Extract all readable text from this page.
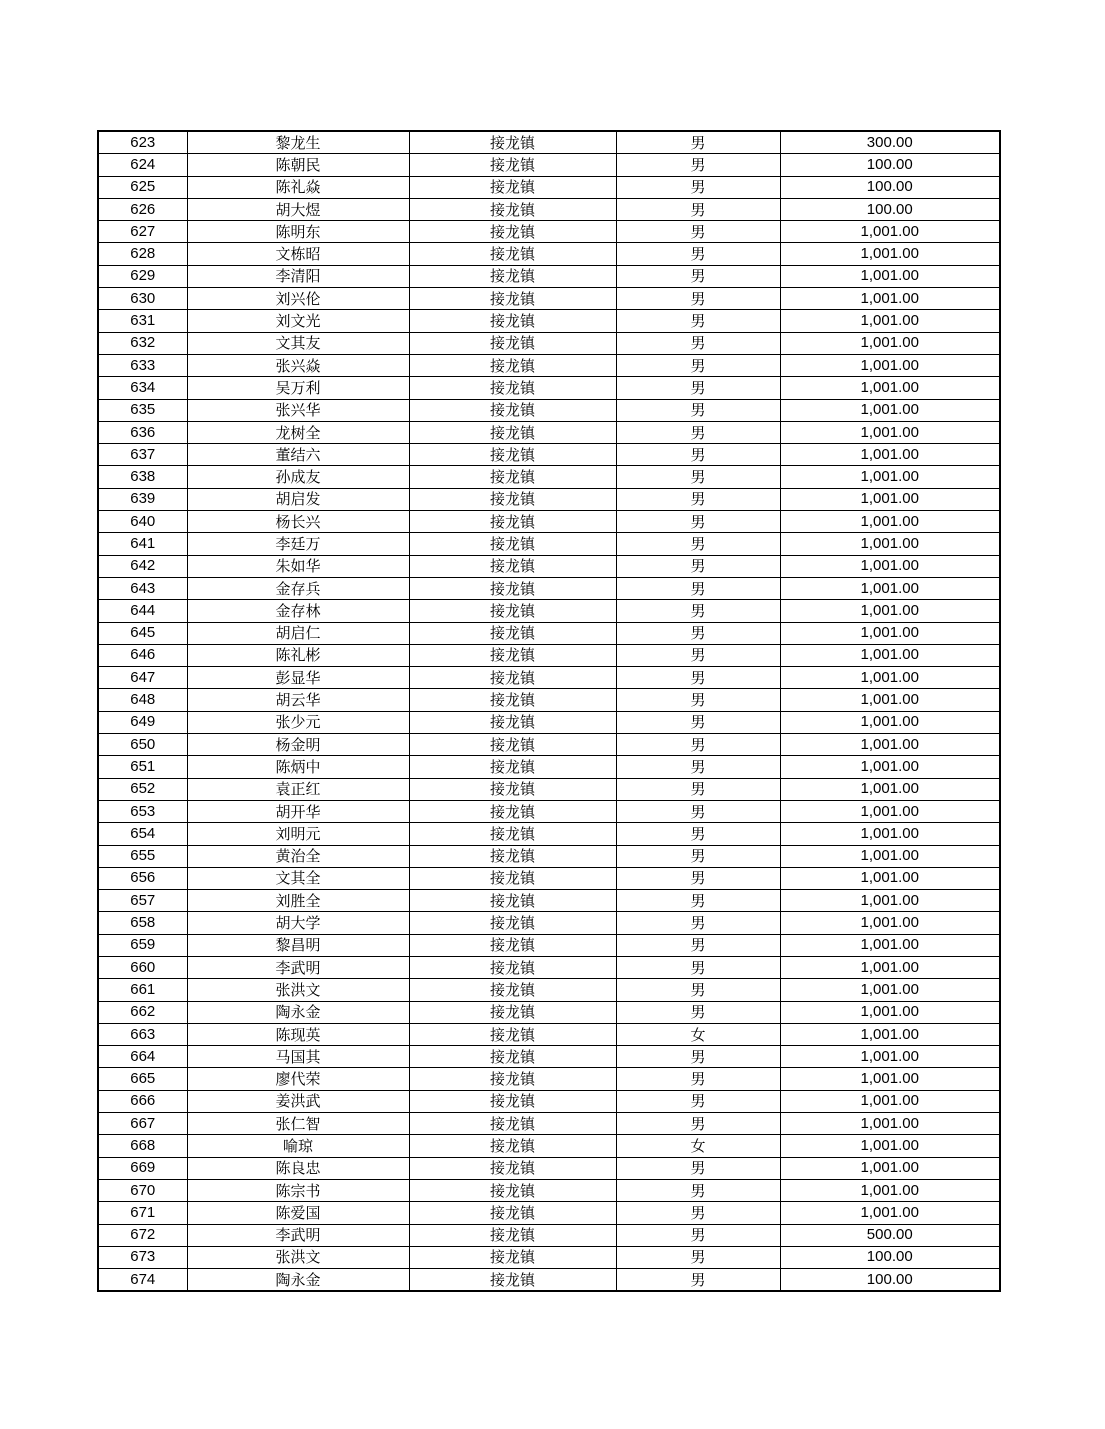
623	黎龙生	接龙镇	男	300.00
624	陈朝民	接龙镇	男	100.00
625	陈礼焱	接龙镇	男	100.00
626	胡大煜	接龙镇	男	100.00
627	陈明东	接龙镇	男	1,001.00
628	文栋昭	接龙镇	男	1,001.00
629	李清阳	接龙镇	男	1,001.00
630	刘兴伦	接龙镇	男	1,001.00
631	刘文光	接龙镇	男	1,001.00
632	文其友	接龙镇	男	1,001.00
633	张兴焱	接龙镇	男	1,001.00
634	吴万利	接龙镇	男	1,001.00
635	张兴华	接龙镇	男	1,001.00
636	龙树全	接龙镇	男	1,001.00
637	董结六	接龙镇	男	1,001.00
638	孙成友	接龙镇	男	1,001.00
639	胡启发	接龙镇	男	1,001.00
640	杨长兴	接龙镇	男	1,001.00
641	李廷万	接龙镇	男	1,001.00
642	朱如华	接龙镇	男	1,001.00
643	金存兵	接龙镇	男	1,001.00
644	金存林	接龙镇	男	1,001.00
645	胡启仁	接龙镇	男	1,001.00
646	陈礼彬	接龙镇	男	1,001.00
647	彭显华	接龙镇	男	1,001.00
648	胡云华	接龙镇	男	1,001.00
649	张少元	接龙镇	男	1,001.00
650	杨金明	接龙镇	男	1,001.00
651	陈炳中	接龙镇	男	1,001.00
652	袁正红	接龙镇	男	1,001.00
653	胡开华	接龙镇	男	1,001.00
654	刘明元	接龙镇	男	1,001.00
655	黄治全	接龙镇	男	1,001.00
656	文其全	接龙镇	男	1,001.00
657	刘胜全	接龙镇	男	1,001.00
658	胡大学	接龙镇	男	1,001.00
659	黎昌明	接龙镇	男	1,001.00
660	李武明	接龙镇	男	1,001.00
661	张洪文	接龙镇	男	1,001.00
662	陶永金	接龙镇	男	1,001.00
663	陈现英	接龙镇	女	1,001.00
664	马国其	接龙镇	男	1,001.00
665	廖代荣	接龙镇	男	1,001.00
666	姜洪武	接龙镇	男	1,001.00
667	张仁智	接龙镇	男	1,001.00
668	喻琼	接龙镇	女	1,001.00
669	陈良忠	接龙镇	男	1,001.00
670	陈宗书	接龙镇	男	1,001.00
671	陈爱国	接龙镇	男	1,001.00
672	李武明	接龙镇	男	500.00
673	张洪文	接龙镇	男	100.00
674	陶永金	接龙镇	男	100.00
